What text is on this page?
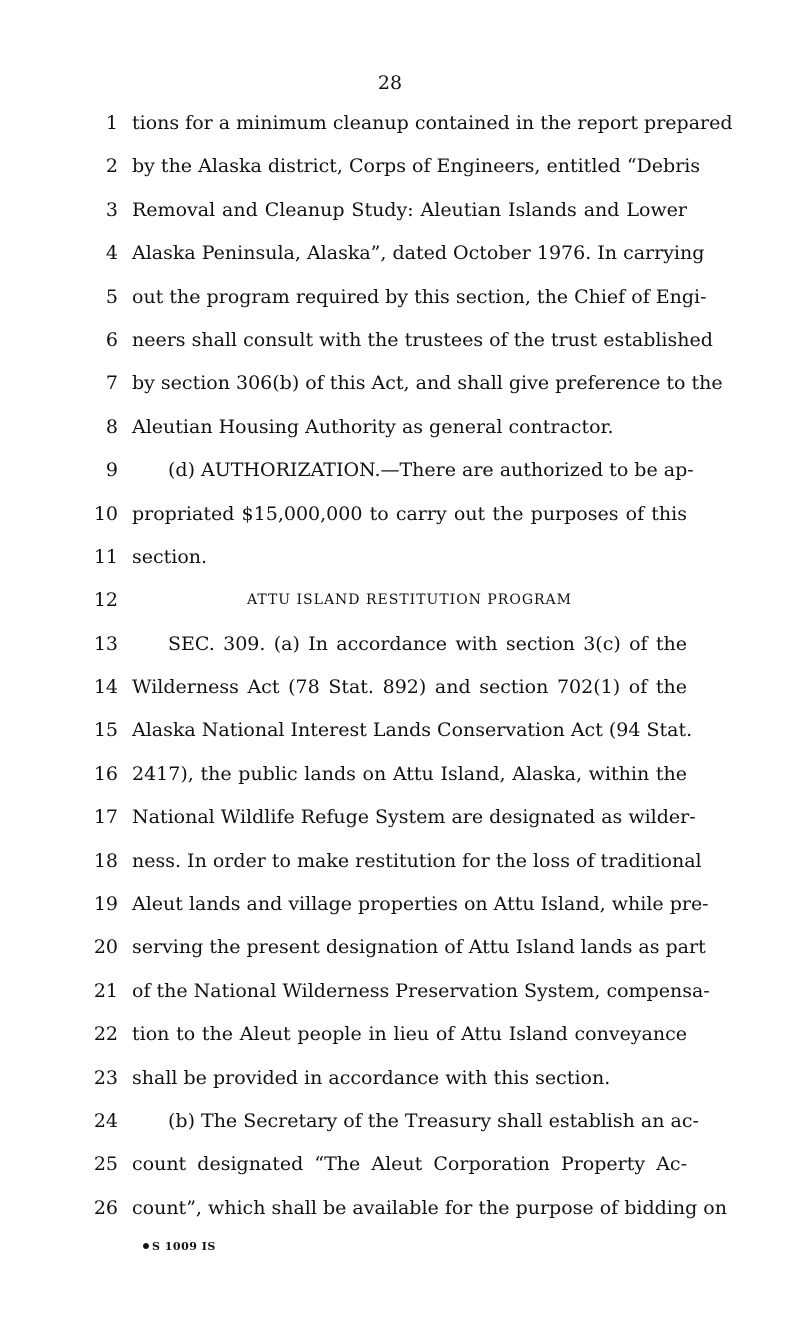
28
1 tions for a minimum cleanup contained in the report prepared
2 by the Alaska district, Corps of Engineers, entitled “Debris
3 Removal and Cleanup Study: Aleutian Islands and Lower
4 Alaska Peninsula, Alaska”, dated October 1976. In carrying
5 out the program required by this section, the Chief of Engi-
6 neers shall consult with the trustees of the trust established
7 by section 306(b) of this Act, and shall give preference to the
8 Aleutian Housing Authority as general contractor.
9	(d) AUTHORIZATION.—There are authorized to be ap-
10 propriated $15,000,000 to carry out the purposes of this
11 section.
12	ATTU ISLAND RESTITUTION PROGRAM
13	SEC. 309. (a) In accordance with section 3(c) of the
14 Wilderness Act (78 Stat. 892) and section 702(1) of the
15 Alaska National Interest Lands Conservation Act (94 Stat.
16 2417), the public lands on Attu Island, Alaska, within the
17 National Wildlife Refuge System are designated as wilder-
18 ness. In order to make restitution for the loss of traditional
19 Aleut lands and village properties on Attu Island, while pre-
20 serving the present designation of Attu Island lands as part
21 of the National Wilderness Preservation System, compensa-
22 tion to the Aleut people in lieu of Attu Island conveyance
23 shall be provided in accordance with this section.
24	(b) The Secretary of the Treasury shall establish an ac-
25 count designated “The Aleut Corporation Property Ac-
26 count”, which shall be available for the purpose of bidding on
S 1009 IS
